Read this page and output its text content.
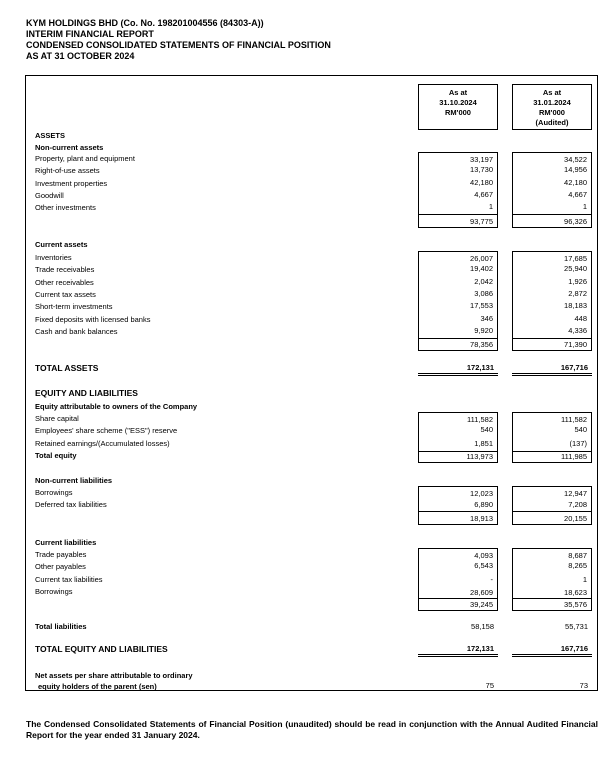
KYM HOLDINGS BHD (Co. No. 198201004556 (84303-A))
INTERIM FINANCIAL REPORT
CONDENSED CONSOLIDATED STATEMENTS OF FINANCIAL POSITION
AS AT 31 OCTOBER 2024
As at
31.10.2024
RM'000
As at
31.01.2024
RM'000
(Audited)
ASSETS
Non-current assets
Property, plant and equipment	33,197	34,522
Right-of-use assets	13,730	14,956
Investment properties	42,180	42,180
Goodwill	4,667	4,667
Other investments	1	1
93,775	96,326
Current assets
Inventories	26,007	17,685
Trade receivables	19,402	25,940
Other receivables	2,042	1,926
Current tax assets	3,086	2,872
Short-term investments	17,553	18,183
Fixed deposits with licensed banks	346	448
Cash and bank balances	9,920	4,336
78,356	71,390
TOTAL ASSETS	172,131	167,716
EQUITY AND LIABILITIES
Equity attributable to owners of the Company
Share capital	111,582	111,582
Employees' share scheme ("ESS") reserve	540	540
Retained earnings/(Accumulated losses)	1,851	(137)
Total equity	113,973	111,985
Non-current liabilities
Borrowings	12,023	12,947
Deferred tax liabilities	6,890	7,208
18,913	20,155
Current liabilities
Trade payables	4,093	8,687
Other payables	6,543	8,265
Current tax liabilities	-	1
Borrowings	28,609	18,623
39,245	35,576
Total liabilities	58,158	55,731
TOTAL EQUITY AND LIABILITIES	172,131	167,716
Net assets per share attributable to ordinary
equity holders of the parent (sen)	75	73
The Condensed Consolidated Statements of Financial Position (unaudited) should be read in conjunction with the Annual Audited Financial Report for the year ended 31 January 2024.
